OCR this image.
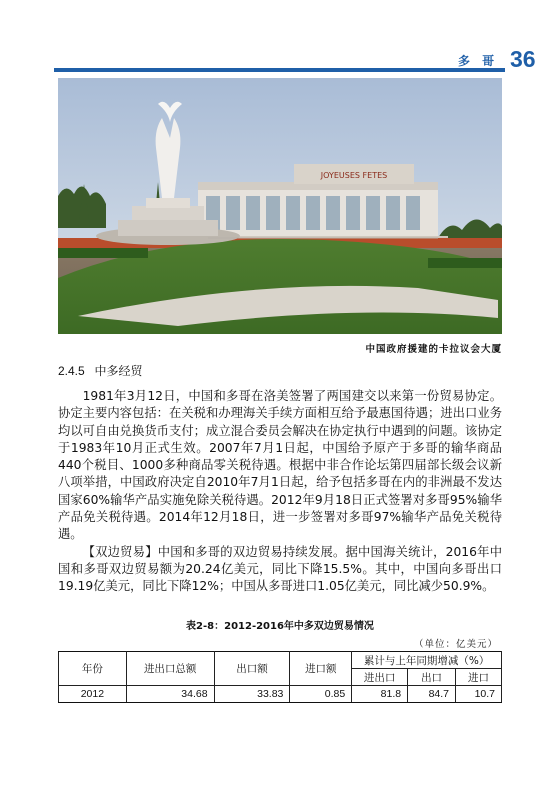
多 哥 36
JOYEUSES FETES
中国政府援建的卡拉议会大厦
2.4.5 中多经贸

1981年3月12日，中国和多哥在洛美签署了两国建交以来第一份贸易协定。协定主要内容包括：在关税和办理海关手续方面相互给予最惠国待遇；进出口业务均以可自由兑换货币支付；成立混合委员会解决在协定执行中遇到的问题。该协定于1983年10月正式生效。2007年7月1日起，中国给予原产于多哥的输华商品440个税目、1000多种商品零关税待遇。根据中非合作论坛第四届部长级会议新八项举措，中国政府决定自2010年7月1日起，给予包括多哥在内的非洲最不发达国家60%输华产品实施免除关税待遇。2012年9月18日正式签署对多哥95%输华产品免关税待遇。2014年12月18日，进一步签署对多哥97%输华产品免关税待遇。

【双边贸易】中国和多哥的双边贸易持续发展。据中国海关统计，2016年中国和多哥双边贸易额为20.24亿美元，同比下降15.5%。其中，中国向多哥出口19.19亿美元，同比下降12%；中国从多哥进口1.05亿美元，同比减少50.9%。

表2-8：2012-2016年中多双边贸易情况
（单位：亿美元）
年份	进出口总额	出口额	进口额	累计与上年同期增减（%）		
				进出口	出口	进口
2012	34.68	33.83	0.85	81.8	84.7	10.7
